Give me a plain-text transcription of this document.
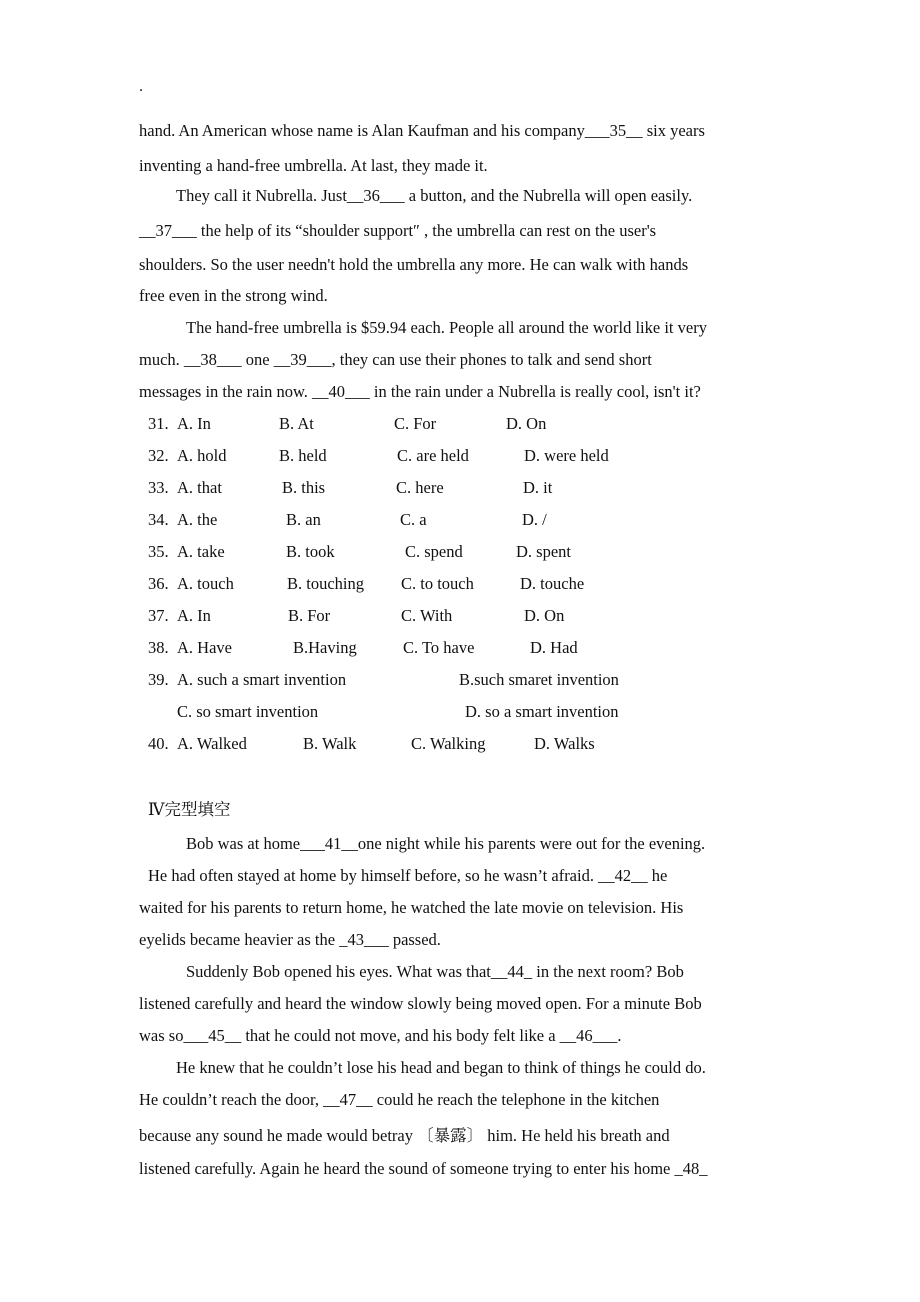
.
hand. An American whose name is Alan Kaufman and his company___35__ six years
inventing a hand-free umbrella. At last, they made it.
They call it Nubrella. Just__36___ a button, and the Nubrella will open easily.
__37___ the help of its “shoulder support″ , the umbrella can rest on the user's
shoulders. So the user needn't hold the umbrella any more. He can walk with hands
free even in the strong wind.
The hand-free umbrella is $59.94 each. People all around the world like it very
much. __38___ one __39___, they can use their phones to talk and send short
messages in the rain now. __40___ in the rain under a Nubrella is really cool, isn't it?
31. A. In	B. At	C. For	D. On
32. A. hold	B. held	C. are held	D. were held
33. A. that	B. this	C. here	D. it
34. A. the	B. an	C. a	D. /
35. A. take	B. took	C. spend	D. spent
36. A. touch	B. touching C. to touch	D. touche
37. A. In	B. For	C. With	D. On
38. A. Have	B.Having	C. To have	D. Had
39. A. such a smart invention	B.such smaret invention
C. so smart invention	D. so a smart invention
40. A. Walked	B. Walk	C. Walking	D. Walks
Ⅳ完型填空
Bob was at home___41__one night while his parents were out for the evening.
He had often stayed at home by himself before, so he wasn’t afraid. __42__ he
waited for his parents to return home, he watched the late movie on television. His
eyelids became heavier as the _43___ passed.
Suddenly Bob opened his eyes. What was that__44_ in the next room? Bob
listened carefully and heard the window slowly being moved open. For a minute Bob
was so___45__ that he could not move, and his body felt like a __46___.
He knew that he couldn’t lose his head and began to think of things he could do.
He couldn’t reach the door, __47__ could he reach the telephone in the kitchen
because any sound he made would betray 〔暴露〕 him. He held his breath and
listened carefully. Again he heard the sound of someone trying to enter his home _48_
